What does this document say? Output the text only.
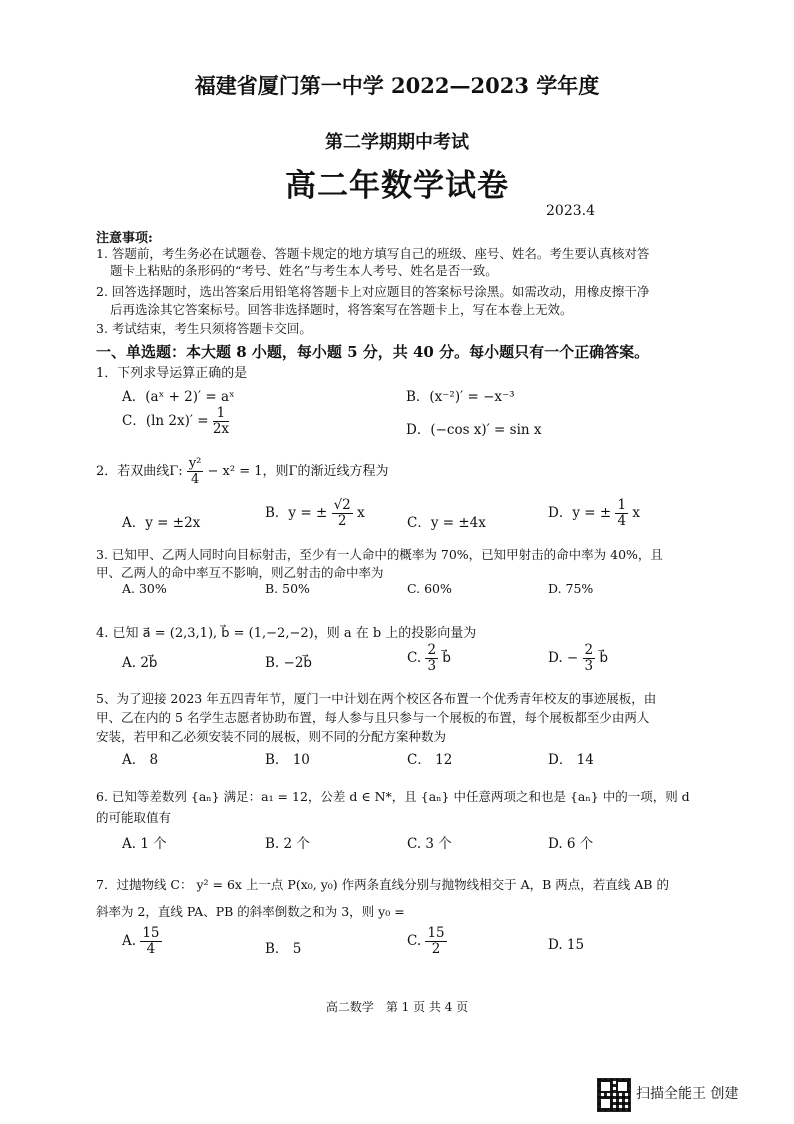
福建省厦门第一中学 2022—2023 学年度
第二学期期中考试
高二年数学试卷
2023.4
注意事项:
1. 答题前，考生务必在试题卷、答题卡规定的地方填写自己的班级、座号、姓名。考生要认真核对答
题卡上粘贴的条形码的“考号、姓名”与考生本人考号、姓名是否一致。
2. 回答选择题时，选出答案后用铅笔将答题卡上对应题目的答案标号涂黑。如需改动，用橡皮擦干净
后再选涂其它答案标号。回答非选择题时，将答案写在答题卡上，写在本卷上无效。
3. 考试结束，考生只须将答题卡交回。
一、单选题：本大题 8 小题，每小题 5 分，共 40 分。每小题只有一个正确答案。
1．下列求导运算正确的是
A．(aˣ + 2)′ = aˣ	B．(x⁻²)′ = −x⁻³
C．(ln $2x)' = \frac{1}{2x}$	D．(−cos x)′ = sin x
2．若双曲线Γ: $\frac{\text{y²}}{4} - x^2 = 1$，则Γ的渐近线方程为
A．y = ±2x
B．y = ± $\frac{√2}{2}$ x
C．y = ±4x
D．y = ± $\frac{1}{4}$ x
3. 已知甲、乙两人同时向目标射击，至少有一人命中的概率为 70%，已知甲射击的命中率为 40%，且
甲、乙两人的命中率互不影响，则乙射击的命中率为
A. 30%	B. 50%	C. 60%	D. 75%
4. 已知 a⃗ = (2,3,1), b⃗ = (1,−2,−2)，则 a 在 b 上的投影向量为
A. 2b⃗	B. −2b⃗	C. $\frac{2}{3}$ b⃗	D. − $\frac{2}{3}$ b⃗
5、为了迎接 2023 年五四青年节，厦门一中计划在两个校区各布置一个优秀青年校友的事迹展板，由
甲、乙在内的 5 名学生志愿者协助布置，每人参与且只参与一个展板的布置，每个展板都至少由两人
安装，若甲和乙必须安装不同的展板，则不同的分配方案种数为
A． 8	B． 10	C． 12	D． 14
6. 已知等差数列 {aₙ} 满足：a₁ = 12，公差 d ∈ N*，且 {aₙ} 中任意两项之和也是 {aₙ} 中的一项，则 d
的可能取值有
A. 1 个	B. 2 个	C. 3 个	D. 6 个
7．过抛物线 C： y² = 6x 上一点 P(x₀, y₀) 作两条直线分别与抛物线相交于 A，B 两点，若直线 AB 的
斜率为 2，直线 PA、PB 的斜率倒数之和为 3，则 y₀ =
A. $\frac{15}{4}$	B． 5	C. $\frac{15}{2}$	D. 15
高二数学　第 1 页 共 4 页
扫描全能王 创建
